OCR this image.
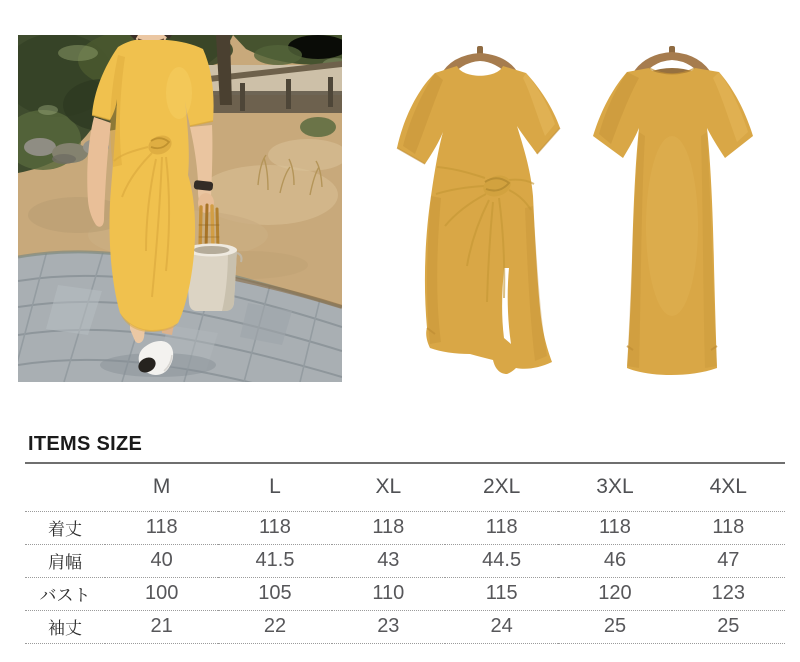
ITEMS SIZE
	M	L	XL	2XL	3XL	4XL
着丈	118	118	118	118	118	118
肩幅	40	41.5	43	44.5	46	47
バスト	100	105	110	115	120	123
袖丈	21	22	23	24	25	25
